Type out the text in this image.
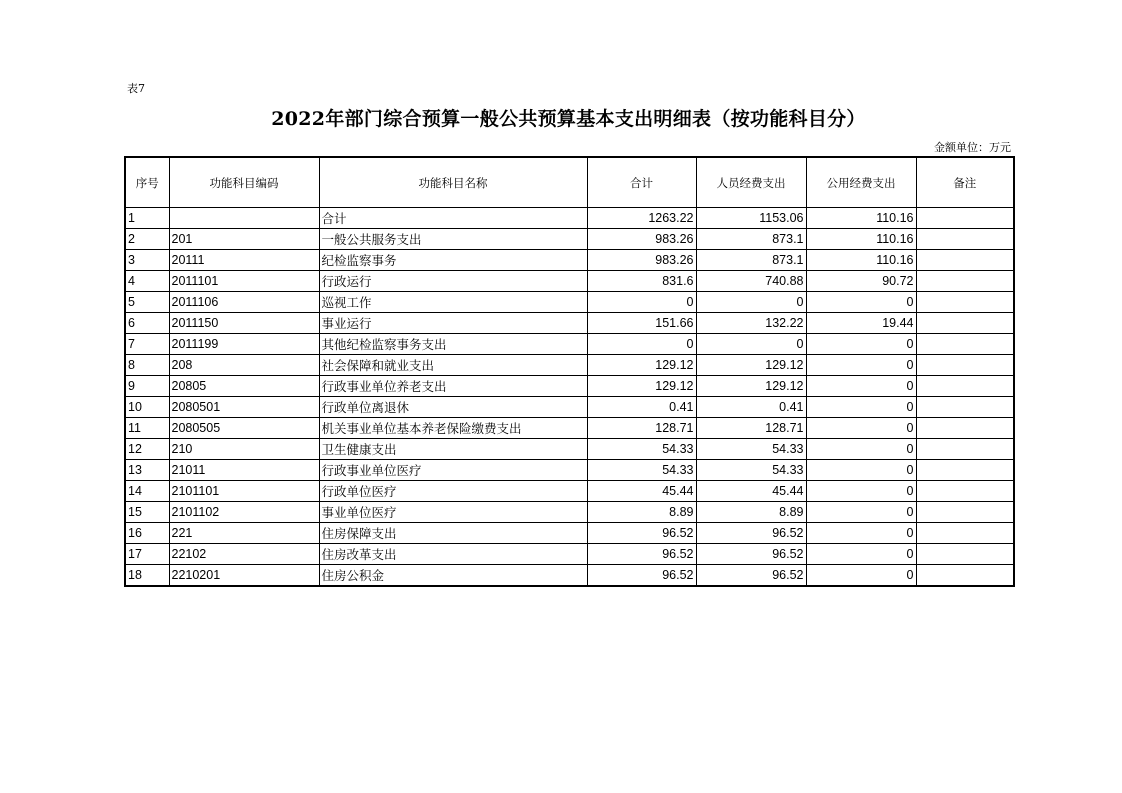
表7
2022年部门综合预算一般公共预算基本支出明细表（按功能科目分）
金额单位：万元
序号	功能科目编码	功能科目名称	合计	人员经费支出	公用经费支出	备注
1		合计	1263.22	1153.06	110.16	
2	201	一般公共服务支出	983.26	873.1	110.16	
3	20111	纪检监察事务	983.26	873.1	110.16	
4	2011101	行政运行	831.6	740.88	90.72	
5	2011106	巡视工作	0	0	0	
6	2011150	事业运行	151.66	132.22	19.44	
7	2011199	其他纪检监察事务支出	0	0	0	
8	208	社会保障和就业支出	129.12	129.12	0	
9	20805	行政事业单位养老支出	129.12	129.12	0	
10	2080501	行政单位离退休	0.41	0.41	0	
11	2080505	机关事业单位基本养老保险缴费支出	128.71	128.71	0	
12	210	卫生健康支出	54.33	54.33	0	
13	21011	行政事业单位医疗	54.33	54.33	0	
14	2101101	行政单位医疗	45.44	45.44	0	
15	2101102	事业单位医疗	8.89	8.89	0	
16	221	住房保障支出	96.52	96.52	0	
17	22102	住房改革支出	96.52	96.52	0	
18	2210201	住房公积金	96.52	96.52	0	
